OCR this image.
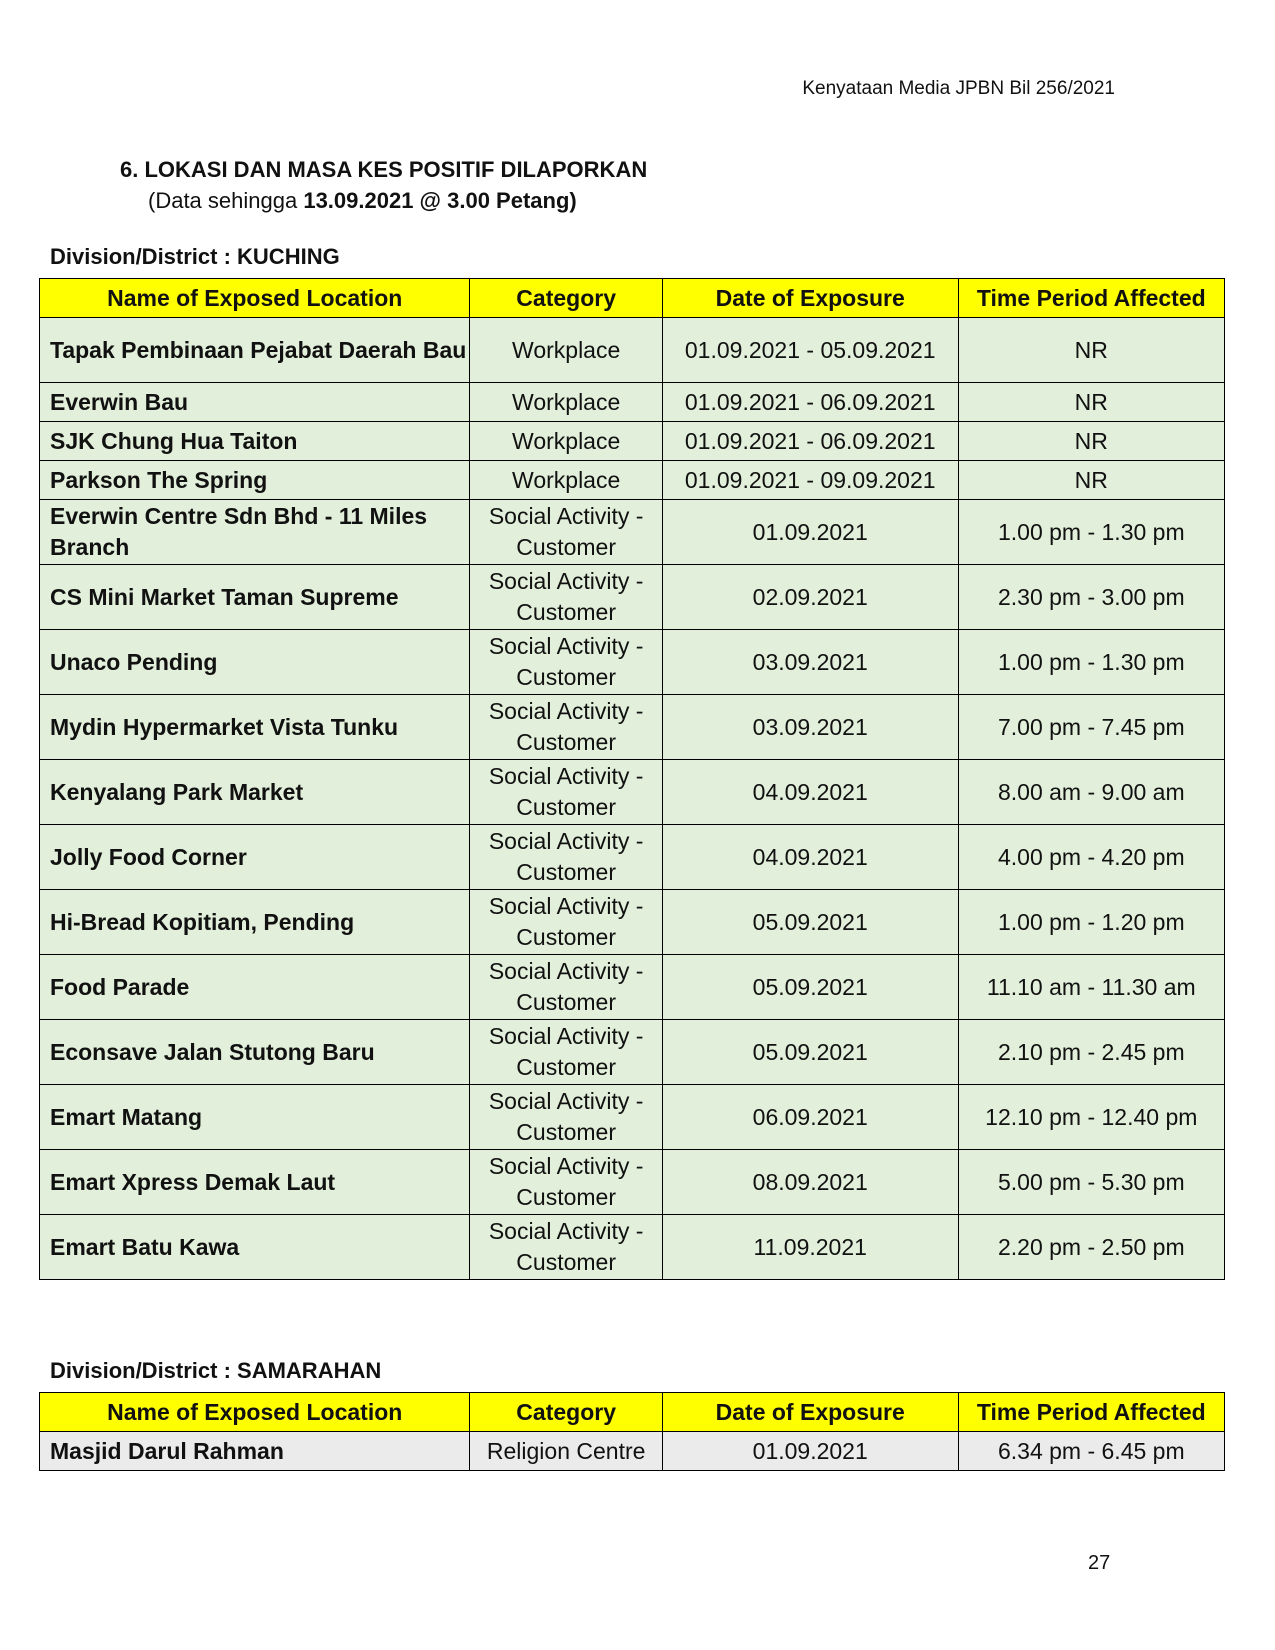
Kenyataan Media JPBN Bil 256/2021
6. LOKASI DAN MASA KES POSITIF DILAPORKAN
(Data sehingga 13.09.2021 @ 3.00 Petang)
Division/District : KUCHING
Name of Exposed Location	Category	Date of Exposure	Time Period Affected
Tapak Pembinaan Pejabat Daerah Bau	Workplace	01.09.2021 - 05.09.2021	NR
Everwin Bau	Workplace	01.09.2021 - 06.09.2021	NR
SJK Chung Hua Taiton	Workplace	01.09.2021 - 06.09.2021	NR
Parkson The Spring	Workplace	01.09.2021 - 09.09.2021	NR
Everwin Centre Sdn Bhd - 11 Miles Branch	Social Activity - Customer	01.09.2021	1.00 pm - 1.30 pm
CS Mini Market Taman Supreme	Social Activity - Customer	02.09.2021	2.30 pm - 3.00 pm
Unaco Pending	Social Activity - Customer	03.09.2021	1.00 pm - 1.30 pm
Mydin Hypermarket Vista Tunku	Social Activity - Customer	03.09.2021	7.00 pm - 7.45 pm
Kenyalang Park Market	Social Activity - Customer	04.09.2021	8.00 am - 9.00 am
Jolly Food Corner	Social Activity - Customer	04.09.2021	4.00 pm - 4.20 pm
Hi-Bread Kopitiam, Pending	Social Activity - Customer	05.09.2021	1.00 pm - 1.20 pm
Food Parade	Social Activity - Customer	05.09.2021	11.10 am - 11.30 am
Econsave Jalan Stutong Baru	Social Activity - Customer	05.09.2021	2.10 pm - 2.45 pm
Emart Matang	Social Activity - Customer	06.09.2021	12.10 pm - 12.40 pm
Emart Xpress Demak Laut	Social Activity - Customer	08.09.2021	5.00 pm - 5.30 pm
Emart Batu Kawa	Social Activity - Customer	11.09.2021	2.20 pm - 2.50 pm
Division/District : SAMARAHAN
Name of Exposed Location	Category	Date of Exposure	Time Period Affected
Masjid Darul Rahman	Religion Centre	01.09.2021	6.34 pm - 6.45 pm
27
